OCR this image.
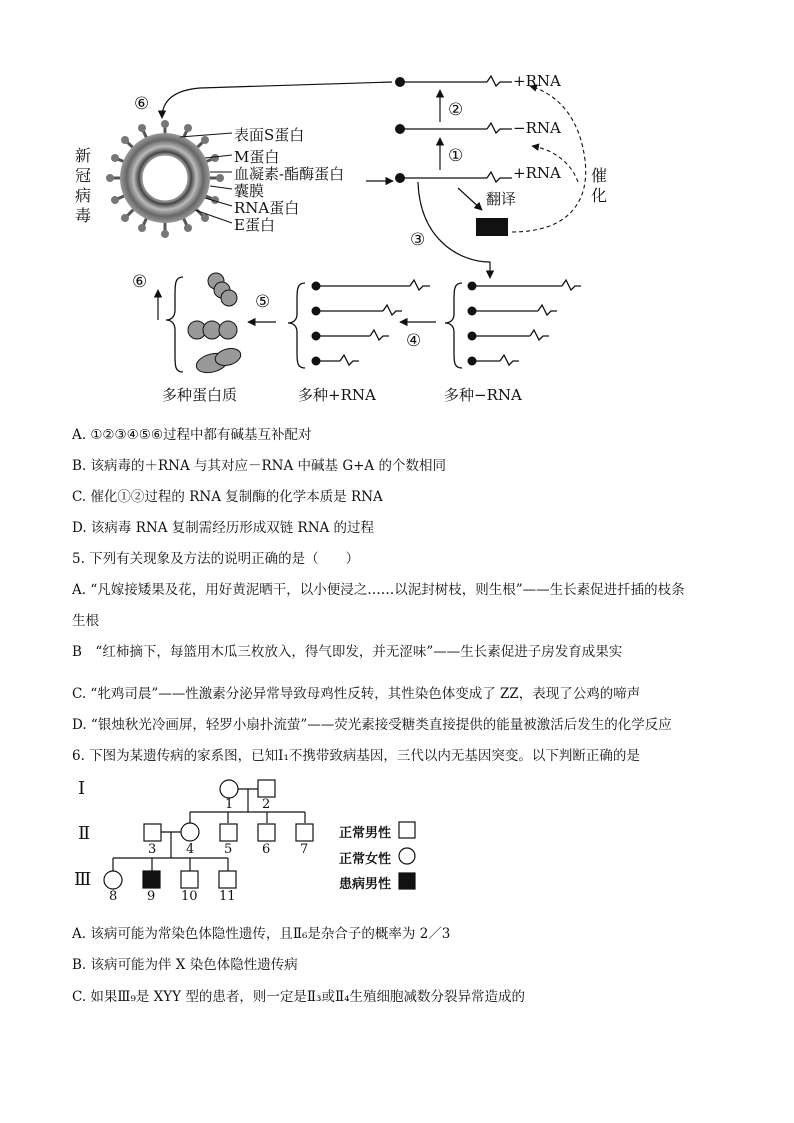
新冠病毒
表面S蛋白
M蛋白
血凝素-酯酶蛋白
囊膜
RNA蛋白
E蛋白
+RNA
−RNA
+RNA
②
①
③
翻译
催化
⑥
⑥
⑤
④
多种蛋白质	多种+RNA	多种−RNA
A. ①②③④⑤⑥过程中都有碱基互补配对
B. 该病毒的＋RNA 与其对应－RNA 中碱基 G+A 的个数相同
C. 催化①②过程的 RNA 复制酶的化学本质是 RNA
D. 该病毒 RNA 复制需经历形成双链 RNA 的过程
5. 下列有关现象及方法的说明正确的是（　　）
A. “凡嫁接矮果及花，用好黄泥晒干，以小便浸之……以泥封树枝，则生根”——生长素促进扦插的枝条
生根
B　“红柿摘下，每篮用木瓜三枚放入，得气即发，并无涩味”——生长素促进子房发育成果实
C. “牝鸡司晨”——性激素分泌异常导致母鸡性反转，其性染色体变成了 ZZ，表现了公鸡的啼声
D. “银烛秋光冷画屏，轻罗小扇扑流萤”——荧光素接受糖类直接提供的能量被激活后发生的化学反应
6. 下图为某遗传病的家系图，已知Ⅰ₁不携带致病基因，三代以内无基因突变。以下判断正确的是
Ⅰ
Ⅱ
Ⅲ
1 2
3 4 5 6 7
8 9 10 11
正常男性
正常女性
患病男性
A. 该病可能为常染色体隐性遗传，且Ⅱ₆是杂合子的概率为 2／3
B. 该病可能为伴 X 染色体隐性遗传病
C. 如果Ⅲ₉是 XYY 型的患者，则一定是Ⅱ₃或Ⅱ₄生殖细胞减数分裂异常造成的
